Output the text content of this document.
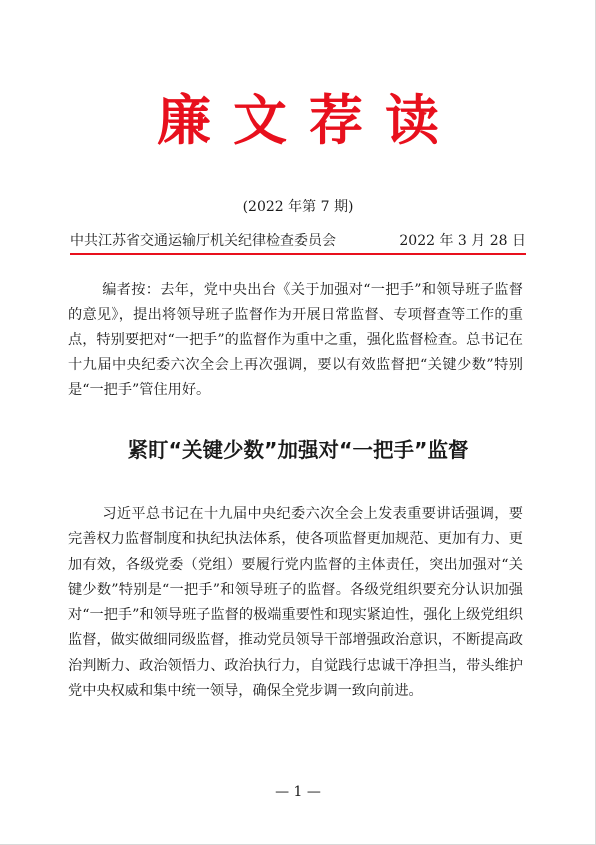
廉文荐读
(2022 年第 7 期)
中共江苏省交通运输厅机关纪律检查委员会	2022 年 3 月 28 日

编者按：去年，党中央出台《关于加强对“一把手”和领导班子监督的意见》，提出将领导班子监督作为开展日常监督、专项督查等工作的重点，特别要把对“一把手”的监督作为重中之重，强化监督检查。总书记在十九届中央纪委六次全会上再次强调，要以有效监督把“关键少数”特别是“一把手”管住用好。

紧盯“关键少数”加强对“一把手”监督

习近平总书记在十九届中央纪委六次全会上发表重要讲话强调，要完善权力监督制度和执纪执法体系，使各项监督更加规范、更加有力、更加有效，各级党委（党组）要履行党内监督的主体责任，突出加强对“关键少数”特别是“一把手”和领导班子的监督。各级党组织要充分认识加强对“一把手”和领导班子监督的极端重要性和现实紧迫性，强化上级党组织监督，做实做细同级监督，推动党员领导干部增强政治意识，不断提高政治判断力、政治领悟力、政治执行力，自觉践行忠诚干净担当，带头维护党中央权威和集中统一领导，确保全党步调一致向前进。

— 1 —
